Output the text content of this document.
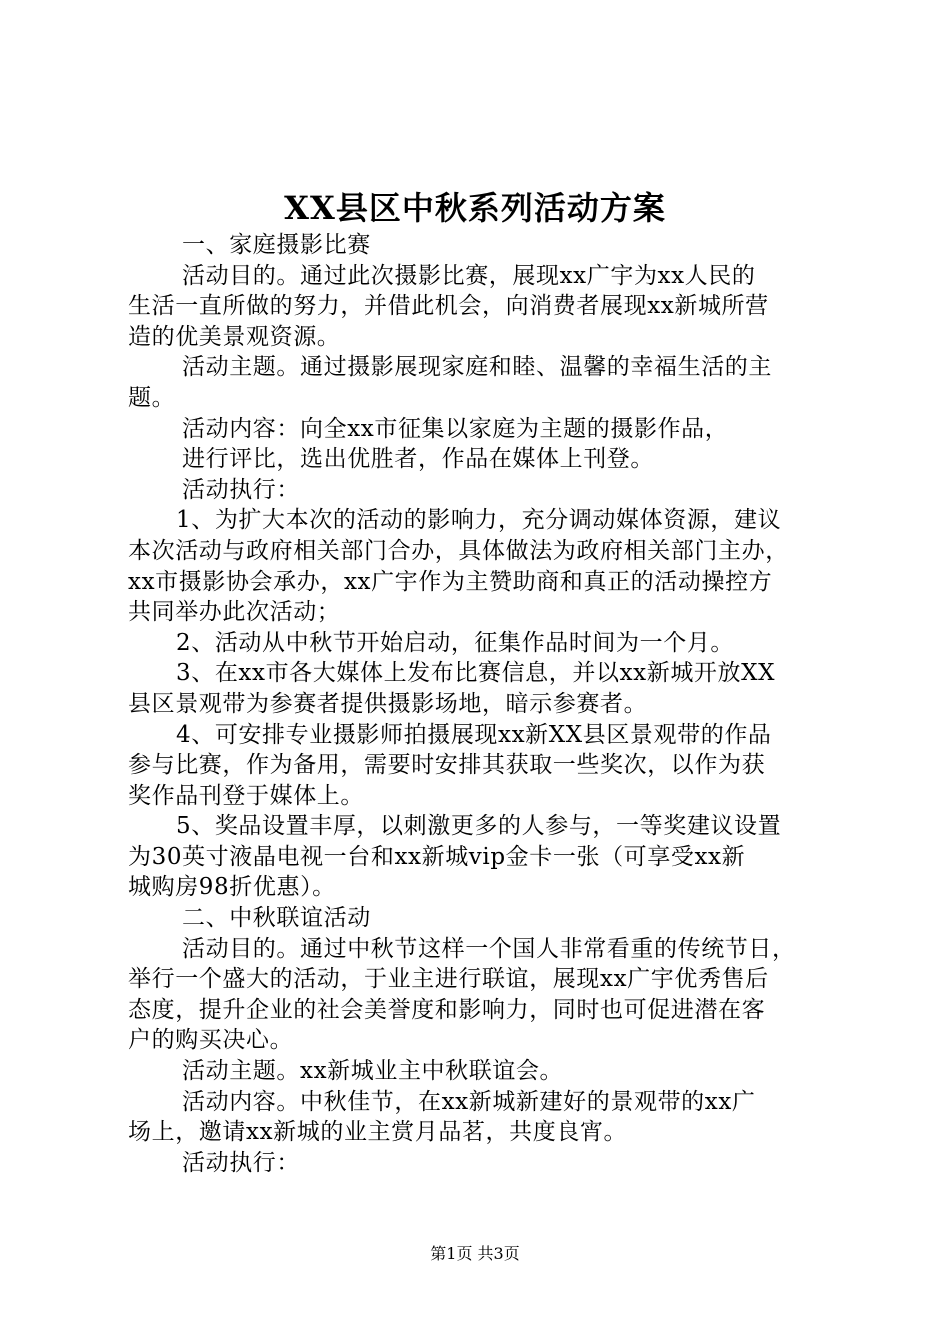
XX县区中秋系列活动方案
一、家庭摄影比赛
活动目的。通过此次摄影比赛，展现xx广宇为xx人民的
生活一直所做的努力，并借此机会，向消费者展现xx新城所营
造的优美景观资源。
活动主题。通过摄影展现家庭和睦、温馨的幸福生活的主
题。
活动内容：向全xx市征集以家庭为主题的摄影作品，
进行评比，选出优胜者，作品在媒体上刊登。
活动执行：
1、为扩大本次的活动的影响力，充分调动媒体资源，建议
本次活动与政府相关部门合办，具体做法为政府相关部门主办，
xx市摄影协会承办，xx广宇作为主赞助商和真正的活动操控方
共同举办此次活动；
2、活动从中秋节开始启动，征集作品时间为一个月。
3、在xx市各大媒体上发布比赛信息，并以xx新城开放XX
县区景观带为参赛者提供摄影场地，暗示参赛者。
4、可安排专业摄影师拍摄展现xx新XX县区景观带的作品
参与比赛，作为备用，需要时安排其获取一些奖次，以作为获
奖作品刊登于媒体上。
5、奖品设置丰厚，以刺激更多的人参与，一等奖建议设置
为30英寸液晶电视一台和xx新城vip金卡一张（可享受xx新
城购房98折优惠）。
二、中秋联谊活动
活动目的。通过中秋节这样一个国人非常看重的传统节日，
举行一个盛大的活动，于业主进行联谊，展现xx广宇优秀售后
态度，提升企业的社会美誉度和影响力，同时也可促进潜在客
户的购买决心。
活动主题。xx新城业主中秋联谊会。
活动内容。中秋佳节，在xx新城新建好的景观带的xx广
场上，邀请xx新城的业主赏月品茗，共度良宵。
活动执行：
第1页 共3页
